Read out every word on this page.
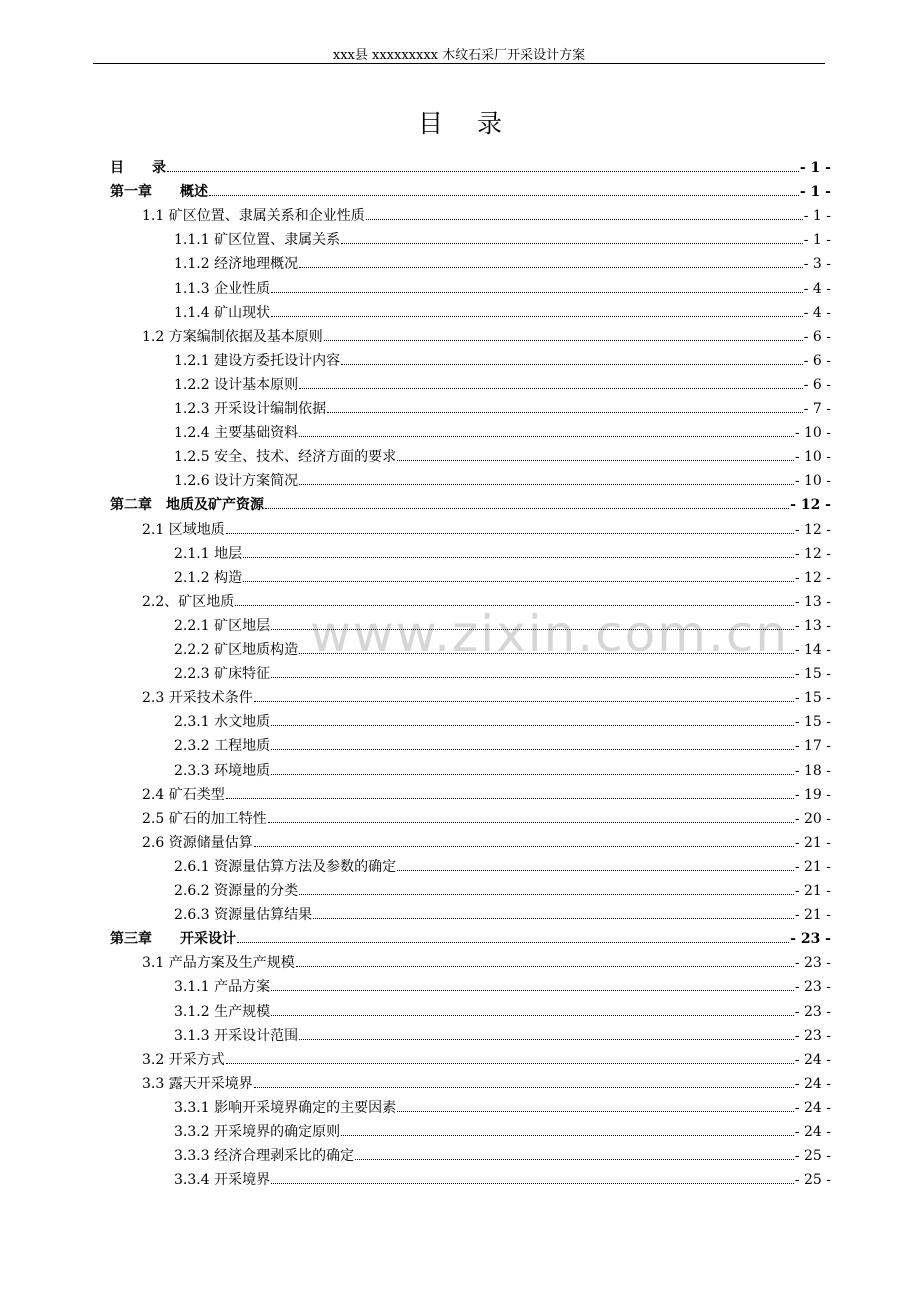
xxx县 xxxxxxxxx 木纹石采厂开采设计方案
目录
www.zixin.com.cn
目　　录	- 1 -
第一章　　概述	- 1 -
1.1 矿区位置、隶属关系和企业性质	- 1 -
1.1.1 矿区位置、隶属关系	- 1 -
1.1.2 经济地理概况	- 3 -
1.1.3 企业性质	- 4 -
1.1.4 矿山现状	- 4 -
1.2 方案编制依据及基本原则	- 6 -
1.2.1 建设方委托设计内容	- 6 -
1.2.2 设计基本原则	- 6 -
1.2.3 开采设计编制依据	- 7 -
1.2.4 主要基础资料	- 10 -
1.2.5 安全、技术、经济方面的要求	- 10 -
1.2.6 设计方案简况	- 10 -
第二章　地质及矿产资源	- 12 -
2.1 区域地质	- 12 -
2.1.1 地层	- 12 -
2.1.2 构造	- 12 -
2.2、矿区地质	- 13 -
2.2.1 矿区地层	- 13 -
2.2.2 矿区地质构造	- 14 -
2.2.3 矿床特征	- 15 -
2.3 开采技术条件	- 15 -
2.3.1 水文地质	- 15 -
2.3.2 工程地质	- 17 -
2.3.3 环境地质	- 18 -
2.4 矿石类型	- 19 -
2.5 矿石的加工特性	- 20 -
2.6 资源储量估算	- 21 -
2.6.1 资源量估算方法及参数的确定	- 21 -
2.6.2 资源量的分类	- 21 -
2.6.3 资源量估算结果	- 21 -
第三章　　开采设计	- 23 -
3.1 产品方案及生产规模	- 23 -
3.1.1 产品方案	- 23 -
3.1.2 生产规模	- 23 -
3.1.3 开采设计范围	- 23 -
3.2 开采方式	- 24 -
3.3 露天开采境界	- 24 -
3.3.1 影响开采境界确定的主要因素	- 24 -
3.3.2 开采境界的确定原则	- 24 -
3.3.3 经济合理剥采比的确定	- 25 -
3.3.4 开采境界	- 25 -
